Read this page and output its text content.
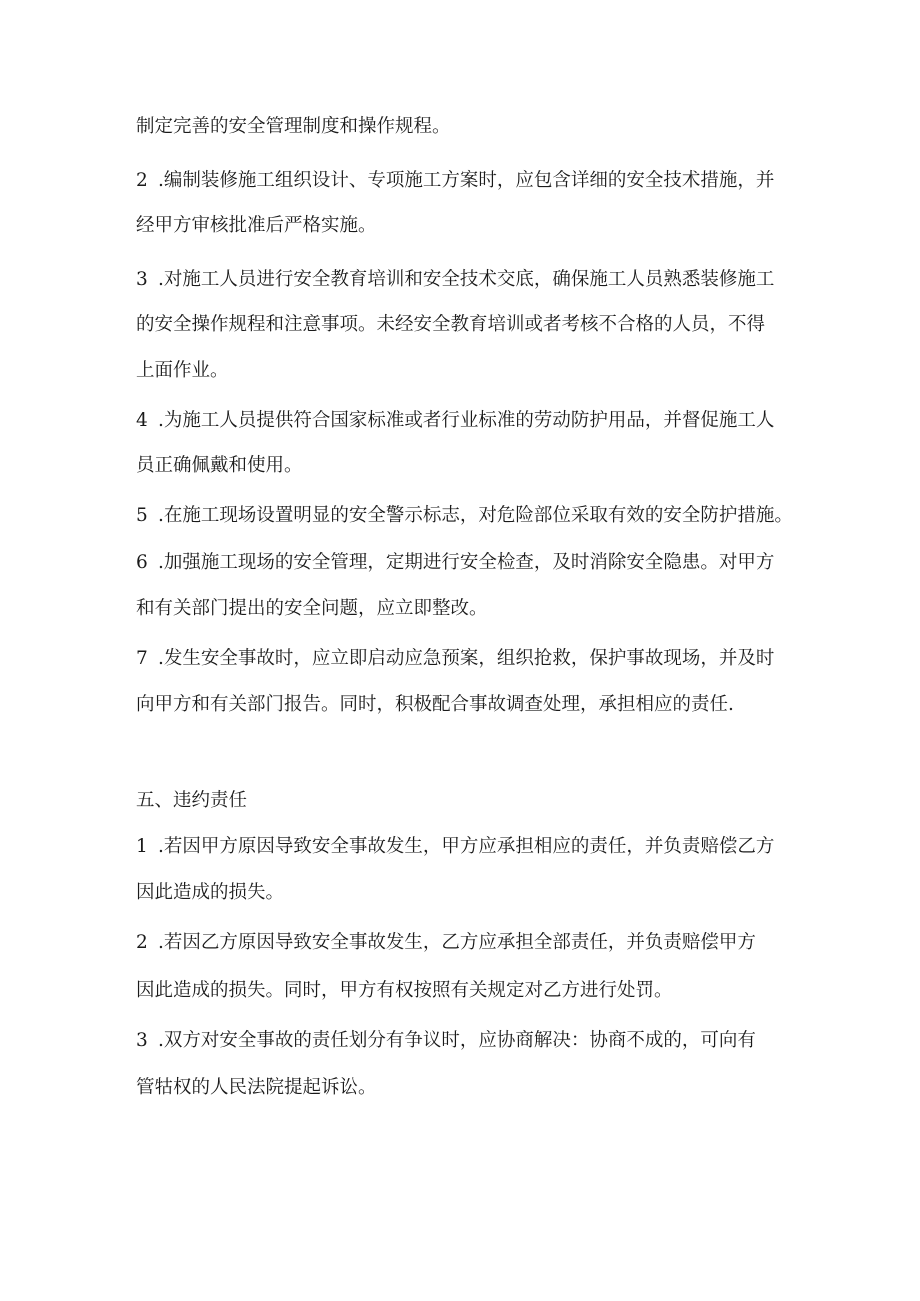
制定完善的安全管理制度和操作规程。
2 .编制装修施工组织设计、专项施工方案时，应包含详细的安全技术措施，并
经甲方审核批准后严格实施。
3 .对施工人员进行安全教育培训和安全技术交底，确保施工人员熟悉装修施工
的安全操作规程和注意事项。未经安全教育培训或者考核不合格的人员，不得
上面作业。
4 .为施工人员提供符合国家标准或者行业标准的劳动防护用品，并督促施工人
员正确佩戴和使用。
5 .在施工现场设置明显的安全警示标志，对危险部位采取有效的安全防护措施。
6 .加强施工现场的安全管理，定期进行安全检查，及时消除安全隐患。对甲方
和有关部门提出的安全问题，应立即整改。
7 .发生安全事故时，应立即启动应急预案，组织抢救，保护事故现场，并及时
向甲方和有关部门报告。同时，积极配合事故调查处理，承担相应的责任.
五、违约责任
1 .若因甲方原因导致安全事故发生，甲方应承担相应的责任，并负责赔偿乙方
因此造成的损失。
2 .若因乙方原因导致安全事故发生，乙方应承担全部责任，并负责赔偿甲方
因此造成的损失。同时，甲方有权按照有关规定对乙方进行处罚。
3 .双方对安全事故的责任划分有争议时，应协商解决：协商不成的，可向有
管牯权的人民法院提起诉讼。
